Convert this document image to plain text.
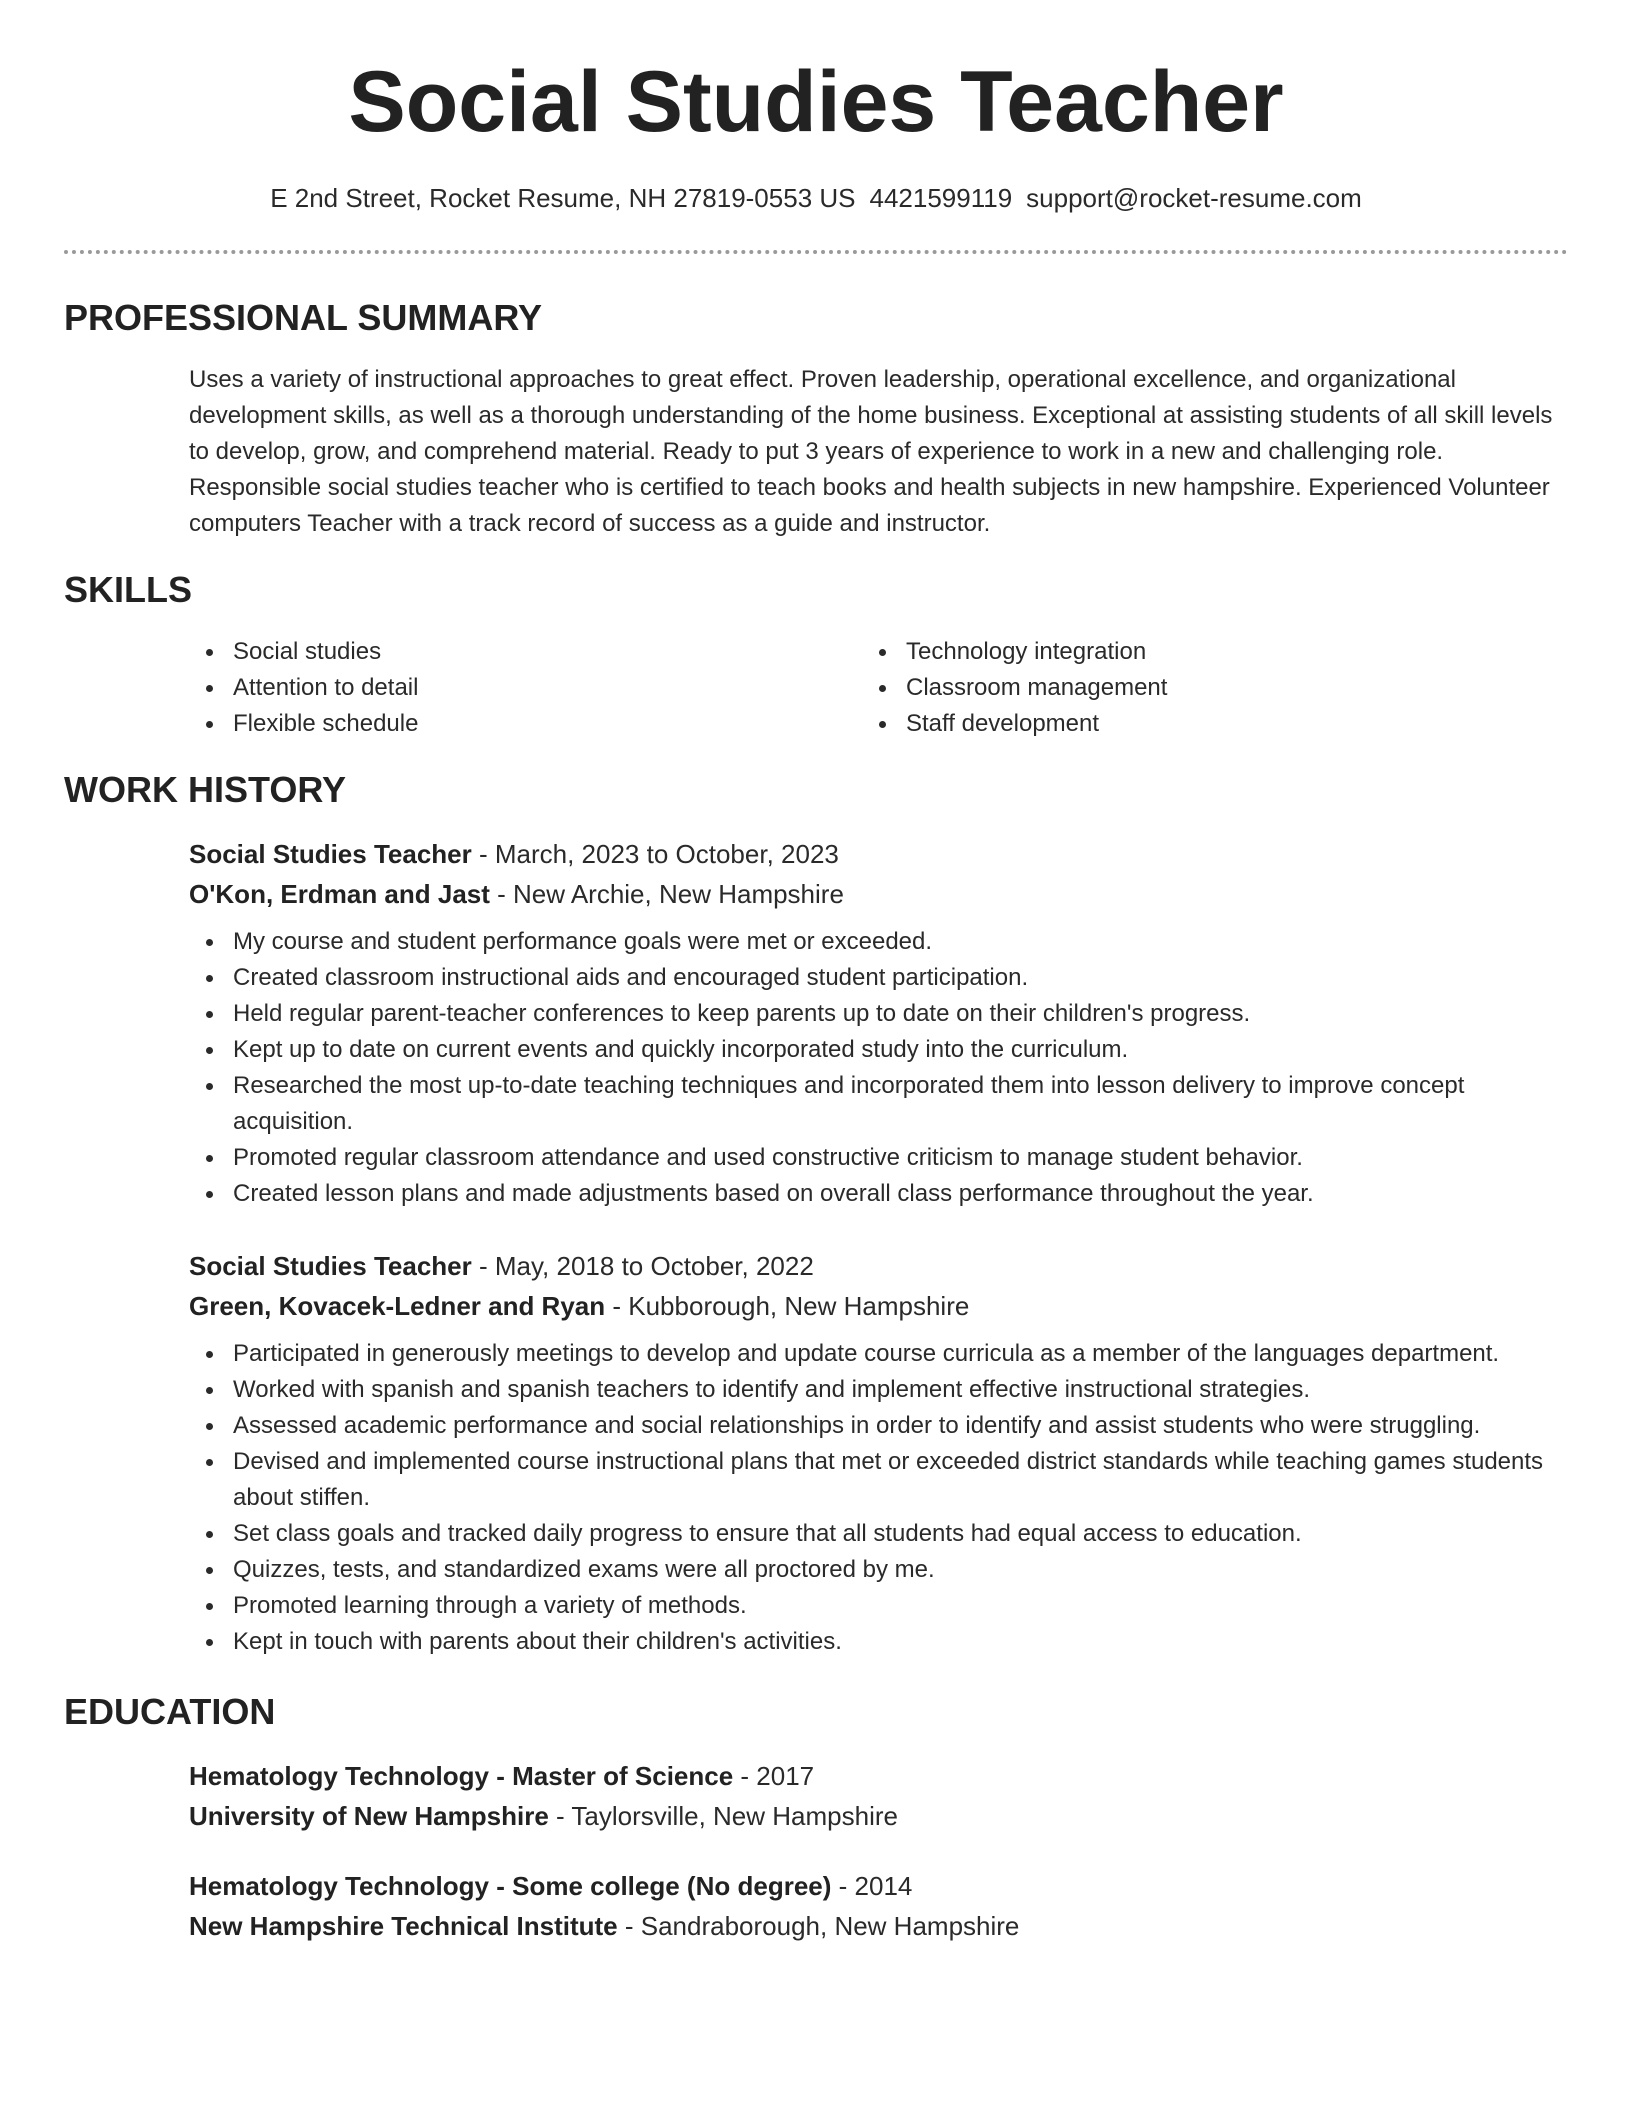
Social Studies Teacher
E 2nd Street, Rocket Resume, NH 27819-0553 US 4421599119 support@rocket-resume.com
PROFESSIONAL SUMMARY

Uses a variety of instructional approaches to great effect. Proven leadership, operational excellence, and organizational development skills, as well as a thorough understanding of the home business. Exceptional at assisting students of all skill levels to develop, grow, and comprehend material. Ready to put 3 years of experience to work in a new and challenging role. Responsible social studies teacher who is certified to teach books and health subjects in new hampshire. Experienced Volunteer computers Teacher with a track record of success as a guide and instructor.

SKILLS
Social studies
Attention to detail
Flexible schedule
Technology integration
Classroom management
Staff development
WORK HISTORY
Social Studies Teacher - March, 2023 to October, 2023
O'Kon, Erdman and Jast - New Archie, New Hampshire
My course and student performance goals were met or exceeded.
Created classroom instructional aids and encouraged student participation.
Held regular parent-teacher conferences to keep parents up to date on their children's progress.
Kept up to date on current events and quickly incorporated study into the curriculum.
Researched the most up-to-date teaching techniques and incorporated them into lesson delivery to improve concept acquisition.
Promoted regular classroom attendance and used constructive criticism to manage student behavior.
Created lesson plans and made adjustments based on overall class performance throughout the year.
Social Studies Teacher - May, 2018 to October, 2022
Green, Kovacek-Ledner and Ryan - Kubborough, New Hampshire
Participated in generously meetings to develop and update course curricula as a member of the languages department.
Worked with spanish and spanish teachers to identify and implement effective instructional strategies.
Assessed academic performance and social relationships in order to identify and assist students who were struggling.
Devised and implemented course instructional plans that met or exceeded district standards while teaching games students about stiffen.
Set class goals and tracked daily progress to ensure that all students had equal access to education.
Quizzes, tests, and standardized exams were all proctored by me.
Promoted learning through a variety of methods.
Kept in touch with parents about their children's activities.
EDUCATION
Hematology Technology - Master of Science - 2017
University of New Hampshire - Taylorsville, New Hampshire
Hematology Technology - Some college (No degree) - 2014
New Hampshire Technical Institute - Sandraborough, New Hampshire
